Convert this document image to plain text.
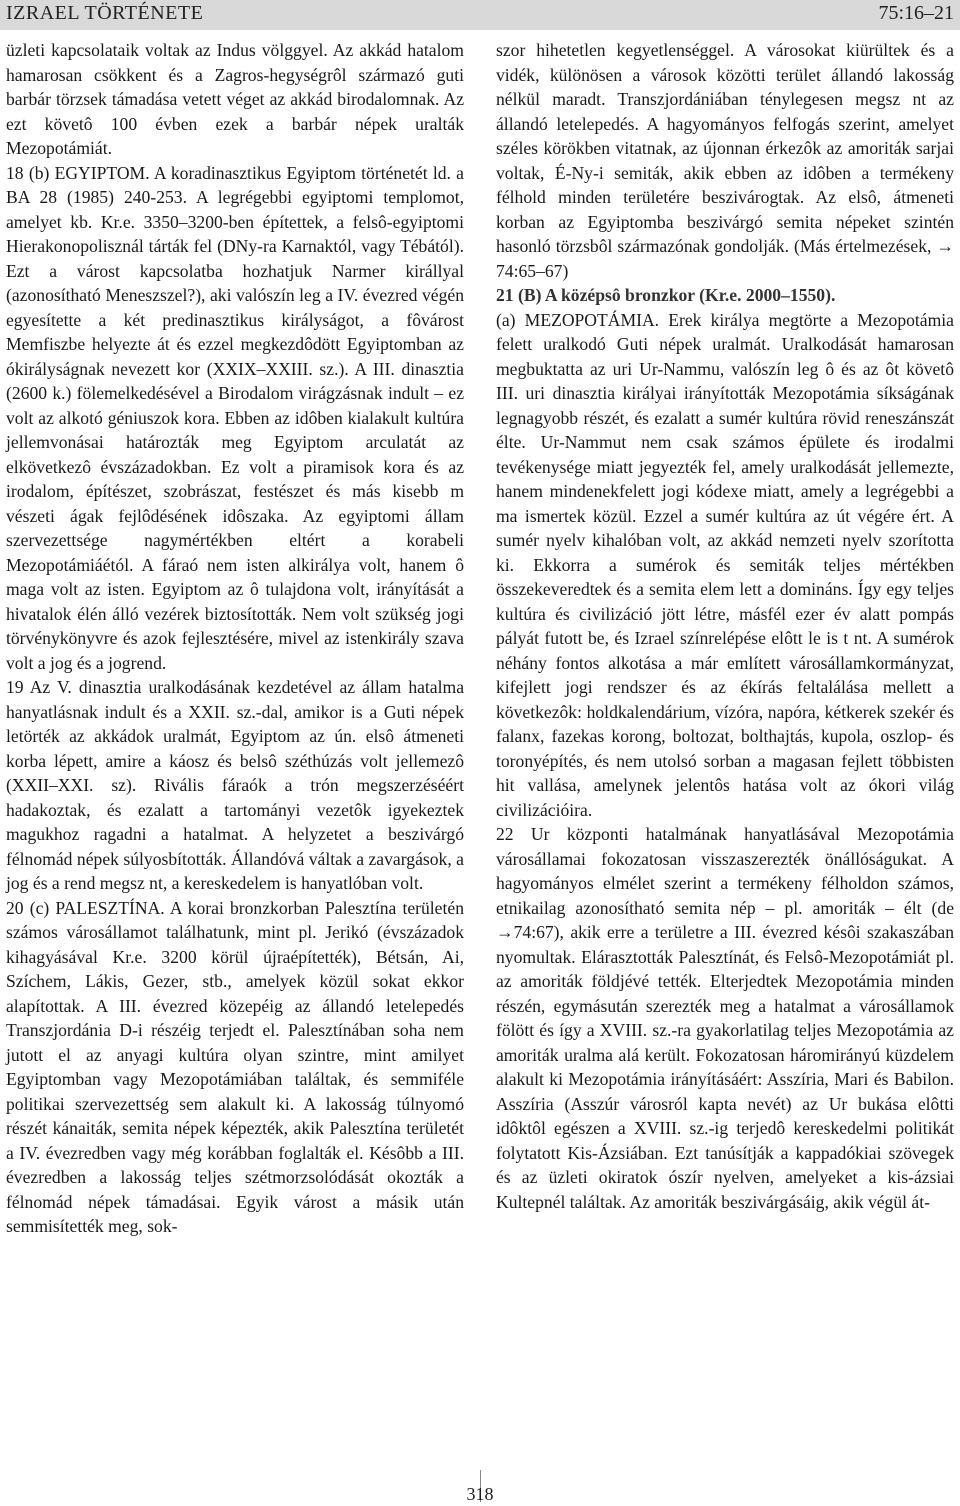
IZRAEL TÖRTÉNETE	75:16–21

üzleti kapcsolataik voltak az Indus völggyel. Az akkád hatalom hamarosan csökkent és a Zagros-hegységrôl származó guti barbár törzsek támadása vetett véget az akkád birodalomnak. Az ezt követô 100 évben ezek a barbár népek uralták Mezopotámiát.

18 (b) EGYIPTOM. A koradinasztikus Egyiptom történetét ld. a BA 28 (1985) 240-253. A legrégebbi egyiptomi templomot, amelyet kb. Kr.e. 3350–3200-ben építettek, a felsô-egyiptomi Hierakonopolisznál tárták fel (DNy-ra Karnaktól, vagy Tébától). Ezt a várost kapcsolatba hozhatjuk Narmer királlyal (azonosítható Meneszszel?), aki valószín leg a IV. évezred végén egyesítette a két predinasztikus királyságot, a fôvárost Memfiszbe helyezte át és ezzel megkezdôdött Egyiptomban az ókirályságnak nevezett kor (XXIX–XXIII. sz.). A III. dinasztia (2600 k.) fölemelkedésével a Birodalom virágzásnak indult – ez volt az alkotó géniuszok kora. Ebben az idôben kialakult kultúra jellemvonásai határozták meg Egyiptom arculatát az elkövetkezô évszázadokban. Ez volt a piramisok kora és az irodalom, építészet, szobrászat, festészet és más kisebb m vészeti ágak fejlôdésének idôszaka. Az egyiptomi állam szervezettsége nagymértékben eltért a korabeli Mezopotámiáétól. A fáraó nem isten alkirálya volt, hanem ô maga volt az isten. Egyiptom az ô tulajdona volt, irányítását a hivatalok élén álló vezérek biztosították. Nem volt szükség jogi törvénykönyvre és azok fejlesztésére, mivel az istenkirály szava volt a jog és a jogrend.

19 Az V. dinasztia uralkodásának kezdetével az állam hatalma hanyatlásnak indult és a XXII. sz.-dal, amikor is a Guti népek letörték az akkádok uralmát, Egyiptom az ún. elsô átmeneti korba lépett, amire a káosz és belsô széthúzás volt jellemezô (XXII–XXI. sz). Rivális fáraók a trón megszerzéséért hadakoztak, és ezalatt a tartományi vezetôk igyekeztek magukhoz ragadni a hatalmat. A helyzetet a beszivárgó félnomád népek súlyosbították. Állandóvá váltak a zavargások, a jog és a rend megsz nt, a kereskedelem is hanyatlóban volt.

20 (c) PALESZTÍNA. A korai bronzkorban Palesztína területén számos városállamot találhatunk, mint pl. Jerikó (évszázadok kihagyásával Kr.e. 3200 körül újraépítették), Bétsán, Ai, Szíchem, Lákis, Gezer, stb., amelyek közül sokat ekkor alapítottak. A III. évezred közepéig az állandó letelepedés Transzjordánia D-i részéig terjedt el. Palesztínában soha nem jutott el az anyagi kultúra olyan szintre, mint amilyet Egyiptomban vagy Mezopotámiában találtak, és semmiféle politikai szervezettség sem alakult ki. A lakosság túlnyomó részét kánaiták, semita népek képezték, akik Palesztína területét a IV. évezredben vagy még korábban foglalták el. Késôbb a III. évezredben a lakosság teljes szétmorzsolódását okozták a félnomád népek támadásai. Egyik várost a másik után semmisítették meg, sok-

szor hihetetlen kegyetlenséggel. A városokat kiürültek és a vidék, különösen a városok közötti terület állandó lakosság nélkül maradt. Transzjordániában ténylegesen megsz nt az állandó letelepedés. A hagyományos felfogás szerint, amelyet széles körökben vitatnak, az újonnan érkezôk az amoriták sarjai voltak, É-Ny-i semiták, akik ebben az idôben a termékeny félhold minden területére beszivárogtak. Az elsô, átmeneti korban az Egyiptomba beszivárgó semita népeket szintén hasonló törzsbôl származónak gondolják. (Más értelmezések, → 74:65–67)

21 (B) A középsô bronzkor (Kr.e. 2000–1550).

(a) MEZOPOTÁMIA. Erek királya megtörte a Mezopotámia felett uralkodó Guti népek uralmát. Uralkodását hamarosan megbuktatta az uri Ur-Nammu, valószín leg ô és az ôt követô III. uri dinasztia királyai irányították Mezopotámia síkságának legnagyobb részét, és ezalatt a sumér kultúra rövid reneszánszát élte. Ur-Nammut nem csak számos épülete és irodalmi tevékenysége miatt jegyezték fel, amely uralkodását jellemezte, hanem mindenekfelett jogi kódexe miatt, amely a legrégebbi a ma ismertek közül. Ezzel a sumér kultúra az út végére ért. A sumér nyelv kihalóban volt, az akkád nemzeti nyelv szorította ki. Ekkorra a sumérok és semiták teljes mértékben összekeveredtek és a semita elem lett a domináns. Így egy teljes kultúra és civilizáció jött létre, másfél ezer év alatt pompás pályát futott be, és Izrael színrelépése elôtt le is t nt. A sumérok néhány fontos alkotása a már említett városállamkormányzat, kifejlett jogi rendszer és az ékírás feltalálása mellett a következôk: holdkalendárium, vízóra, napóra, kétkerek szekér és falanx, fazekas korong, boltozat, bolthajtás, kupola, oszlop- és toronyépítés, és nem utolsó sorban a magasan fejlett többisten hit vallása, amelynek jelentôs hatása volt az ókori világ civilizációira.

22 Ur központi hatalmának hanyatlásával Mezopotámia városállamai fokozatosan visszaszerezték önállóságukat. A hagyományos elmélet szerint a termékeny félholdon számos, etnikailag azonosítható semita nép – pl. amoriták – élt (de →74:67), akik erre a területre a III. évezred késôi szakaszában nyomultak. Elárasztották Palesztínát, és Felsô-Mezopotámiát pl. az amoriták földjévé tették. Elterjedtek Mezopotámia minden részén, egymásután szerezték meg a hatalmat a városállamok fölött és így a XVIII. sz.-ra gyakorlatilag teljes Mezopotámia az amoriták uralma alá került. Fokozatosan háromirányú küzdelem alakult ki Mezopotámia irányításáért: Asszíria, Mari és Babilon. Asszíria (Asszúr városról kapta nevét) az Ur bukása elôtti idôktôl egészen a XVIII. sz.-ig terjedô kereskedelmi politikát folytatott Kis-Ázsiában. Ezt tanúsítják a kappadókiai szövegek és az üzleti okiratok ószír nyelven, amelyeket a kis-ázsiai Kultepnél találtak. Az amoriták beszivárgásáig, akik végül át-

318
